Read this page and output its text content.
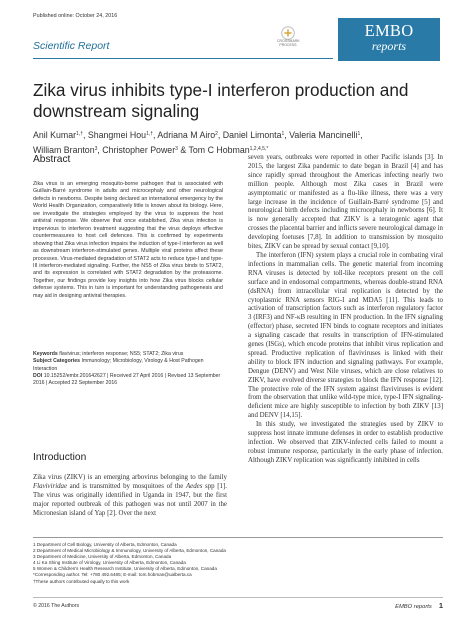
Published online: October 24, 2016
Scientific Report	CROSSMARK
PROCESS
EMBO
reports
Zika virus inhibits type-I interferon production and downstream signaling
Anil Kumar$^{1,\dagger}$, Shangmei Hou$^{1,\dagger}$, Adriana M Airo$^2$, Daniel Limonta$^1$, Valeria Mancinelli$^1$,
William Branton$^3$, Christopher Power$^3$ & Tom C Hobman$^{1,2,4,5,*}$
Abstract
Zika virus is an emerging mosquito-borne pathogen that is associated with Guillain-Barré syndrome in adults and microcephaly and other neurological defects in newborns. Despite being declared an international emergency by the World Health Organization, comparatively little is known about its biology. Here, we investigate the strategies employed by the virus to suppress the host antiviral response. We observe that once established, Zika virus infection is impervious to interferon treatment suggesting that the virus deploys effective countermeasures to host cell defences. This is confirmed by experiments showing that Zika virus infection impairs the induction of type-I interferon as well as downstream interferon-stimulated genes. Multiple viral proteins affect these processes. Virus-mediated degradation of STAT2 acts to reduce type-I and type-III interferon-mediated signaling. Further, the NS5 of Zika virus binds to STAT2, and its expression is correlated with STAT2 degradation by the proteasome. Together, our findings provide key insights into how Zika virus blocks cellular defense systems. This in turn is important for understanding pathogenesis and may aid in designing antiviral therapies.
Keywords flavivirus; interferon response; NS5; STAT2; Zika virus
Subject Categories Immunology; Microbiology, Virology & Host Pathogen Interaction
DOI 10.15252/embr.201642627 | Received 27 April 2016 | Revised 13 September 2016 | Accepted 22 September 2016
Introduction
Zika virus (ZIKV) is an emerging arbovirus belonging to the family Flaviviridae and is transmitted by mosquitoes of the Aedes spp [1]. The virus was originally identified in Uganda in 1947, but the first major reported outbreak of this pathogen was not until 2007 in the Micronesian island of Yap [2]. Over the next

seven years, outbreaks were reported in other Pacific islands [3]. In 2015, the largest Zika pandemic to date began in Brazil [4] and has since rapidly spread throughout the Americas infecting nearly two million people. Although most Zika cases in Brazil were asymptomatic or manifested as a flu-like illness, there was a very large increase in the incidence of Guillain-Barré syndrome [5] and neurological birth defects including microcephaly in newborns [6]. It is now generally accepted that ZIKV is a teratogenic agent that crosses the placental barrier and inflicts severe neurological damage in developing foetuses [7,8]. In addition to transmission by mosquito bites, ZIKV can be spread by sexual contact [9,10].

The interferon (IFN) system plays a crucial role in combating viral infections in mammalian cells. The genetic material from incoming RNA viruses is detected by toll-like receptors present on the cell surface and in endosomal compartments, whereas double-strand RNA (dsRNA) from intracellular viral replication is detected by the cytoplasmic RNA sensors RIG-I and MDA5 [11]. This leads to activation of transcription factors such as interferon regulatory factor 3 (IRF3) and NF-κB resulting in IFN production. In the IFN signaling (effector) phase, secreted IFN binds to cognate receptors and initiates a signaling cascade that results in transcription of IFN-stimulated genes (ISGs), which encode proteins that inhibit virus replication and spread. Productive replication of flaviviruses is linked with their ability to block IFN induction and signaling pathways. For example, Dengue (DENV) and West Nile viruses, which are close relatives to ZIKV, have evolved diverse strategies to block the IFN response [12]. The protective role of the IFN system against flaviviruses is evident from the observation that unlike wild-type mice, type-I IFN signaling-deficient mice are highly susceptible to infection by both ZIKV [13] and DENV [14,15].

In this study, we investigated the strategies used by ZIKV to suppress host innate immune defenses in order to establish productive infection. We observed that ZIKV-infected cells failed to mount a robust immune response, particularly in the early phase of infection. Although ZIKV replication was significantly inhibited in cells

1 Department of Cell Biology, University of Alberta, Edmonton, Canada
2 Department of Medical Microbiology & Immunology, University of Alberta, Edmonton, Canada
3 Department of Medicine, University of Alberta, Edmonton, Canada
4 Li Ka Shing Institute of Virology, University of Alberta, Edmonton, Canada
5 Women & Children's Health Research Institute, University of Alberta, Edmonton, Canada
*Corresponding author. Tel: +780 492.6485; E-mail: tom.hobman@ualberta.ca
†These authors contributed equally to this work
© 2016 The Authors	EMBO reports 1
